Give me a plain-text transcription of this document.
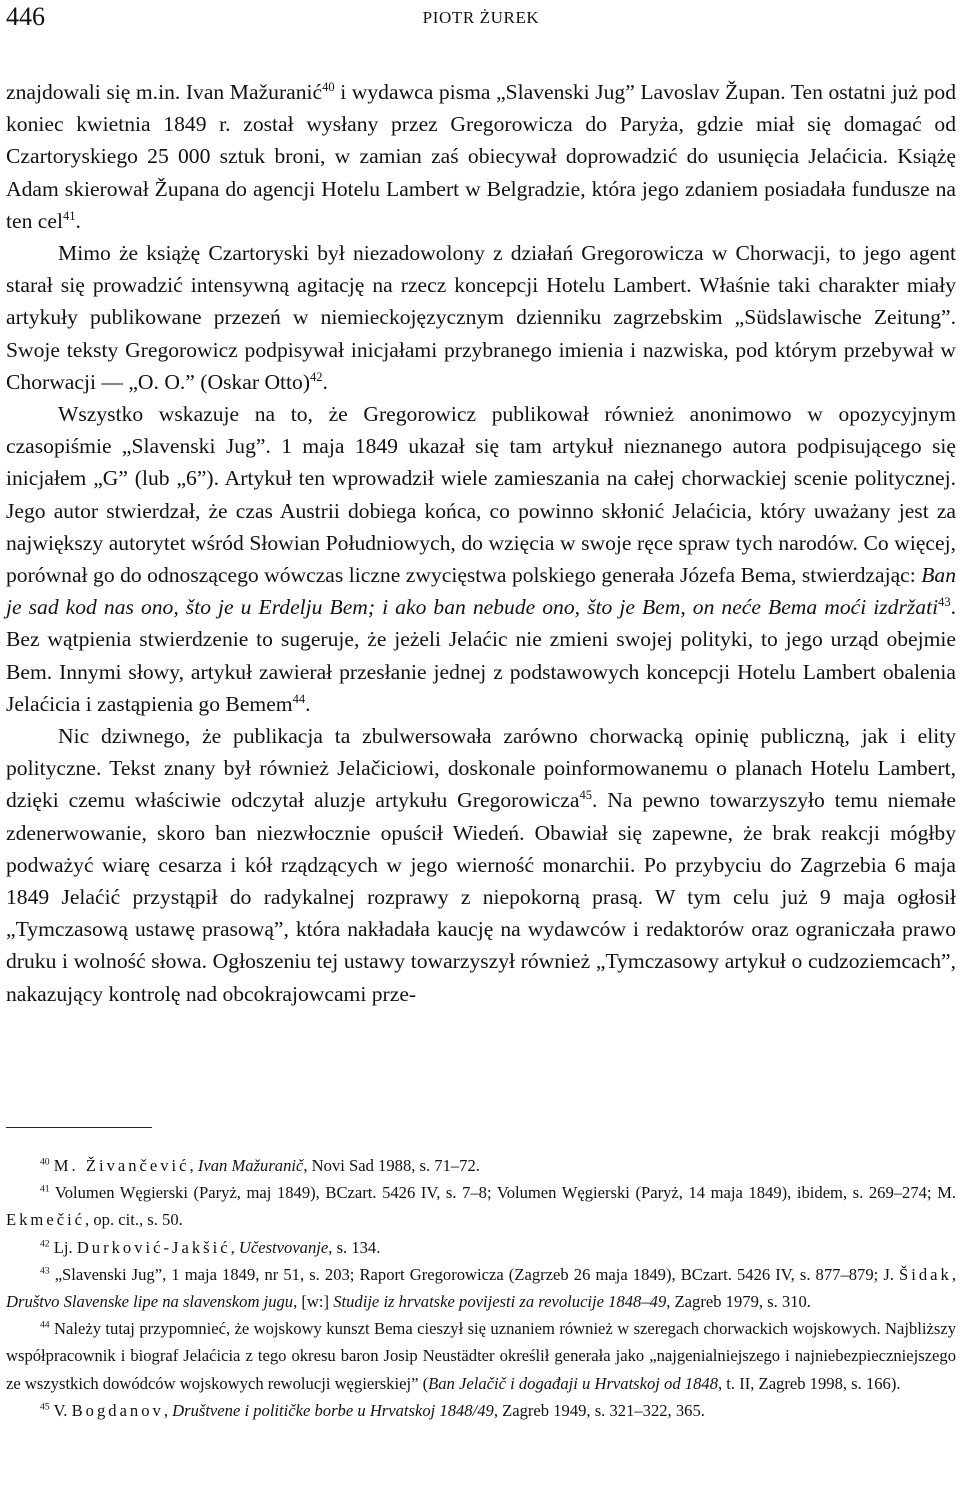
446	PIOTR ŻUREK

znajdowali się m.in. Ivan Mažuranić$^{40}$ i wydawca pisma „Slavenski Jug” Lavoslav Župan. Ten ostatni już pod koniec kwietnia 1849 r. został wysłany przez Gregorowicza do Paryża, gdzie miał się domagać od Czartoryskiego 25 000 sztuk broni, w zamian zaś obiecywał doprowadzić do usunięcia Jelaćicia. Książę Adam skierował Župana do agencji Hotelu Lambert w Belgradzie, która jego zdaniem posiadała fundusze na ten cel$^{41}$.

Mimo że książę Czartoryski był niezadowolony z działań Gregorowicza w Chorwacji, to jego agent starał się prowadzić intensywną agitację na rzecz koncepcji Hotelu Lambert. Właśnie taki charakter miały artykuły publikowane przezeń w niemieckojęzycznym dzienniku zagrzebskim „Südslawische Zeitung”. Swoje teksty Gregorowicz podpisywał inicjałami przybranego imienia i nazwiska, pod którym przebywał w Chorwacji — „O. O.” (Oskar Otto)$^{42}$.

Wszystko wskazuje na to, że Gregorowicz publikował również anonimowo w opozycyjnym czasopiśmie „Slavenski Jug”. 1 maja 1849 ukazał się tam artykuł nieznanego autora podpisującego się inicjałem „G” (lub „6”). Artykuł ten wprowadził wiele zamieszania na całej chorwackiej scenie politycznej. Jego autor stwierdzał, że czas Austrii dobiega końca, co powinno skłonić Jelaćicia, który uważany jest za największy autorytet wśród Słowian Południowych, do wzięcia w swoje ręce spraw tych narodów. Co więcej, porównał go do odnoszącego wówczas liczne zwycięstwa polskiego generała Józefa Bema, stwierdzając: Ban je sad kod nas ono, što je u Erdelju Bem; i ako ban nebude ono, što je Bem, on neće Bema moći izdržati$^{43}$. Bez wątpienia stwierdzenie to sugeruje, że jeżeli Jelaćic nie zmieni swojej polityki, to jego urząd obejmie Bem. Innymi słowy, artykuł zawierał przesłanie jednej z podstawowych koncepcji Hotelu Lambert obalenia Jelaćicia i zastąpienia go Bemem$^{44}$.

Nic dziwnego, że publikacja ta zbulwersowała zarówno chorwacką opinię publiczną, jak i elity polityczne. Tekst znany był również Jelačiciowi, doskonale poinformowanemu o planach Hotelu Lambert, dzięki czemu właściwie odczytał aluzje artykułu Gregorowicza$^{45}$. Na pewno towarzyszyło temu niemałe zdenerwowanie, skoro ban niezwłocznie opuścił Wiedeń. Obawiał się zapewne, że brak reakcji mógłby podważyć wiarę cesarza i kół rządzących w jego wierność monarchii. Po przybyciu do Zagrzebia 6 maja 1849 Jelaćić przystąpił do radykalnej rozprawy z niepokorną prasą. W tym celu już 9 maja ogłosił „Tymczasową ustawę prasową”, która nakładała kaucję na wydawców i redaktorów oraz ograniczała prawo druku i wolność słowa. Ogłoszeniu tej ustawy towarzyszył również „Tymczasowy artykuł o cudzoziemcach”, nakazujący kontrolę nad obcokrajowcami prze-

$^{40}$ M. Živančević, Ivan Mažuranič, Novi Sad 1988, s. 71–72.

$^{41}$ Volumen Węgierski (Paryż, maj 1849), BCzart. 5426 IV, s. 7–8; Volumen Węgierski (Paryż, 14 maja 1849), ibidem, s. 269–274; M. Ekmečić, op. cit., s. 50.

$^{42}$ Lj. Durković-Jakšić, Učestvovanje, s. 134.

$^{43}$ „Slavenski Jug”, 1 maja 1849, nr 51, s. 203; Raport Gregorowicza (Zagrzeb 26 maja 1849), BCzart. 5426 IV, s. 877–879; J. Šidak, Društvo Slavenske lipe na slavenskom jugu, [w:] Studije iz hrvatske povijesti za revolucije 1848–49, Zagreb 1979, s. 310.

$^{44}$ Należy tutaj przypomnieć, że wojskowy kunszt Bema cieszył się uznaniem również w szeregach chorwackich wojskowych. Najbliższy współpracownik i biograf Jelaćicia z tego okresu baron Josip Neustädter określił generała jako „najgenialniejszego i najniebezpieczniejszego ze wszystkich dowódców wojskowych rewolucji węgierskiej” (Ban Jelačič i događaji u Hrvatskoj od 1848, t. II, Zagreb 1998, s. 166).

$^{45}$ V. Bogdanov, Društvene i političke borbe u Hrvatskoj 1848/49, Zagreb 1949, s. 321–322, 365.
